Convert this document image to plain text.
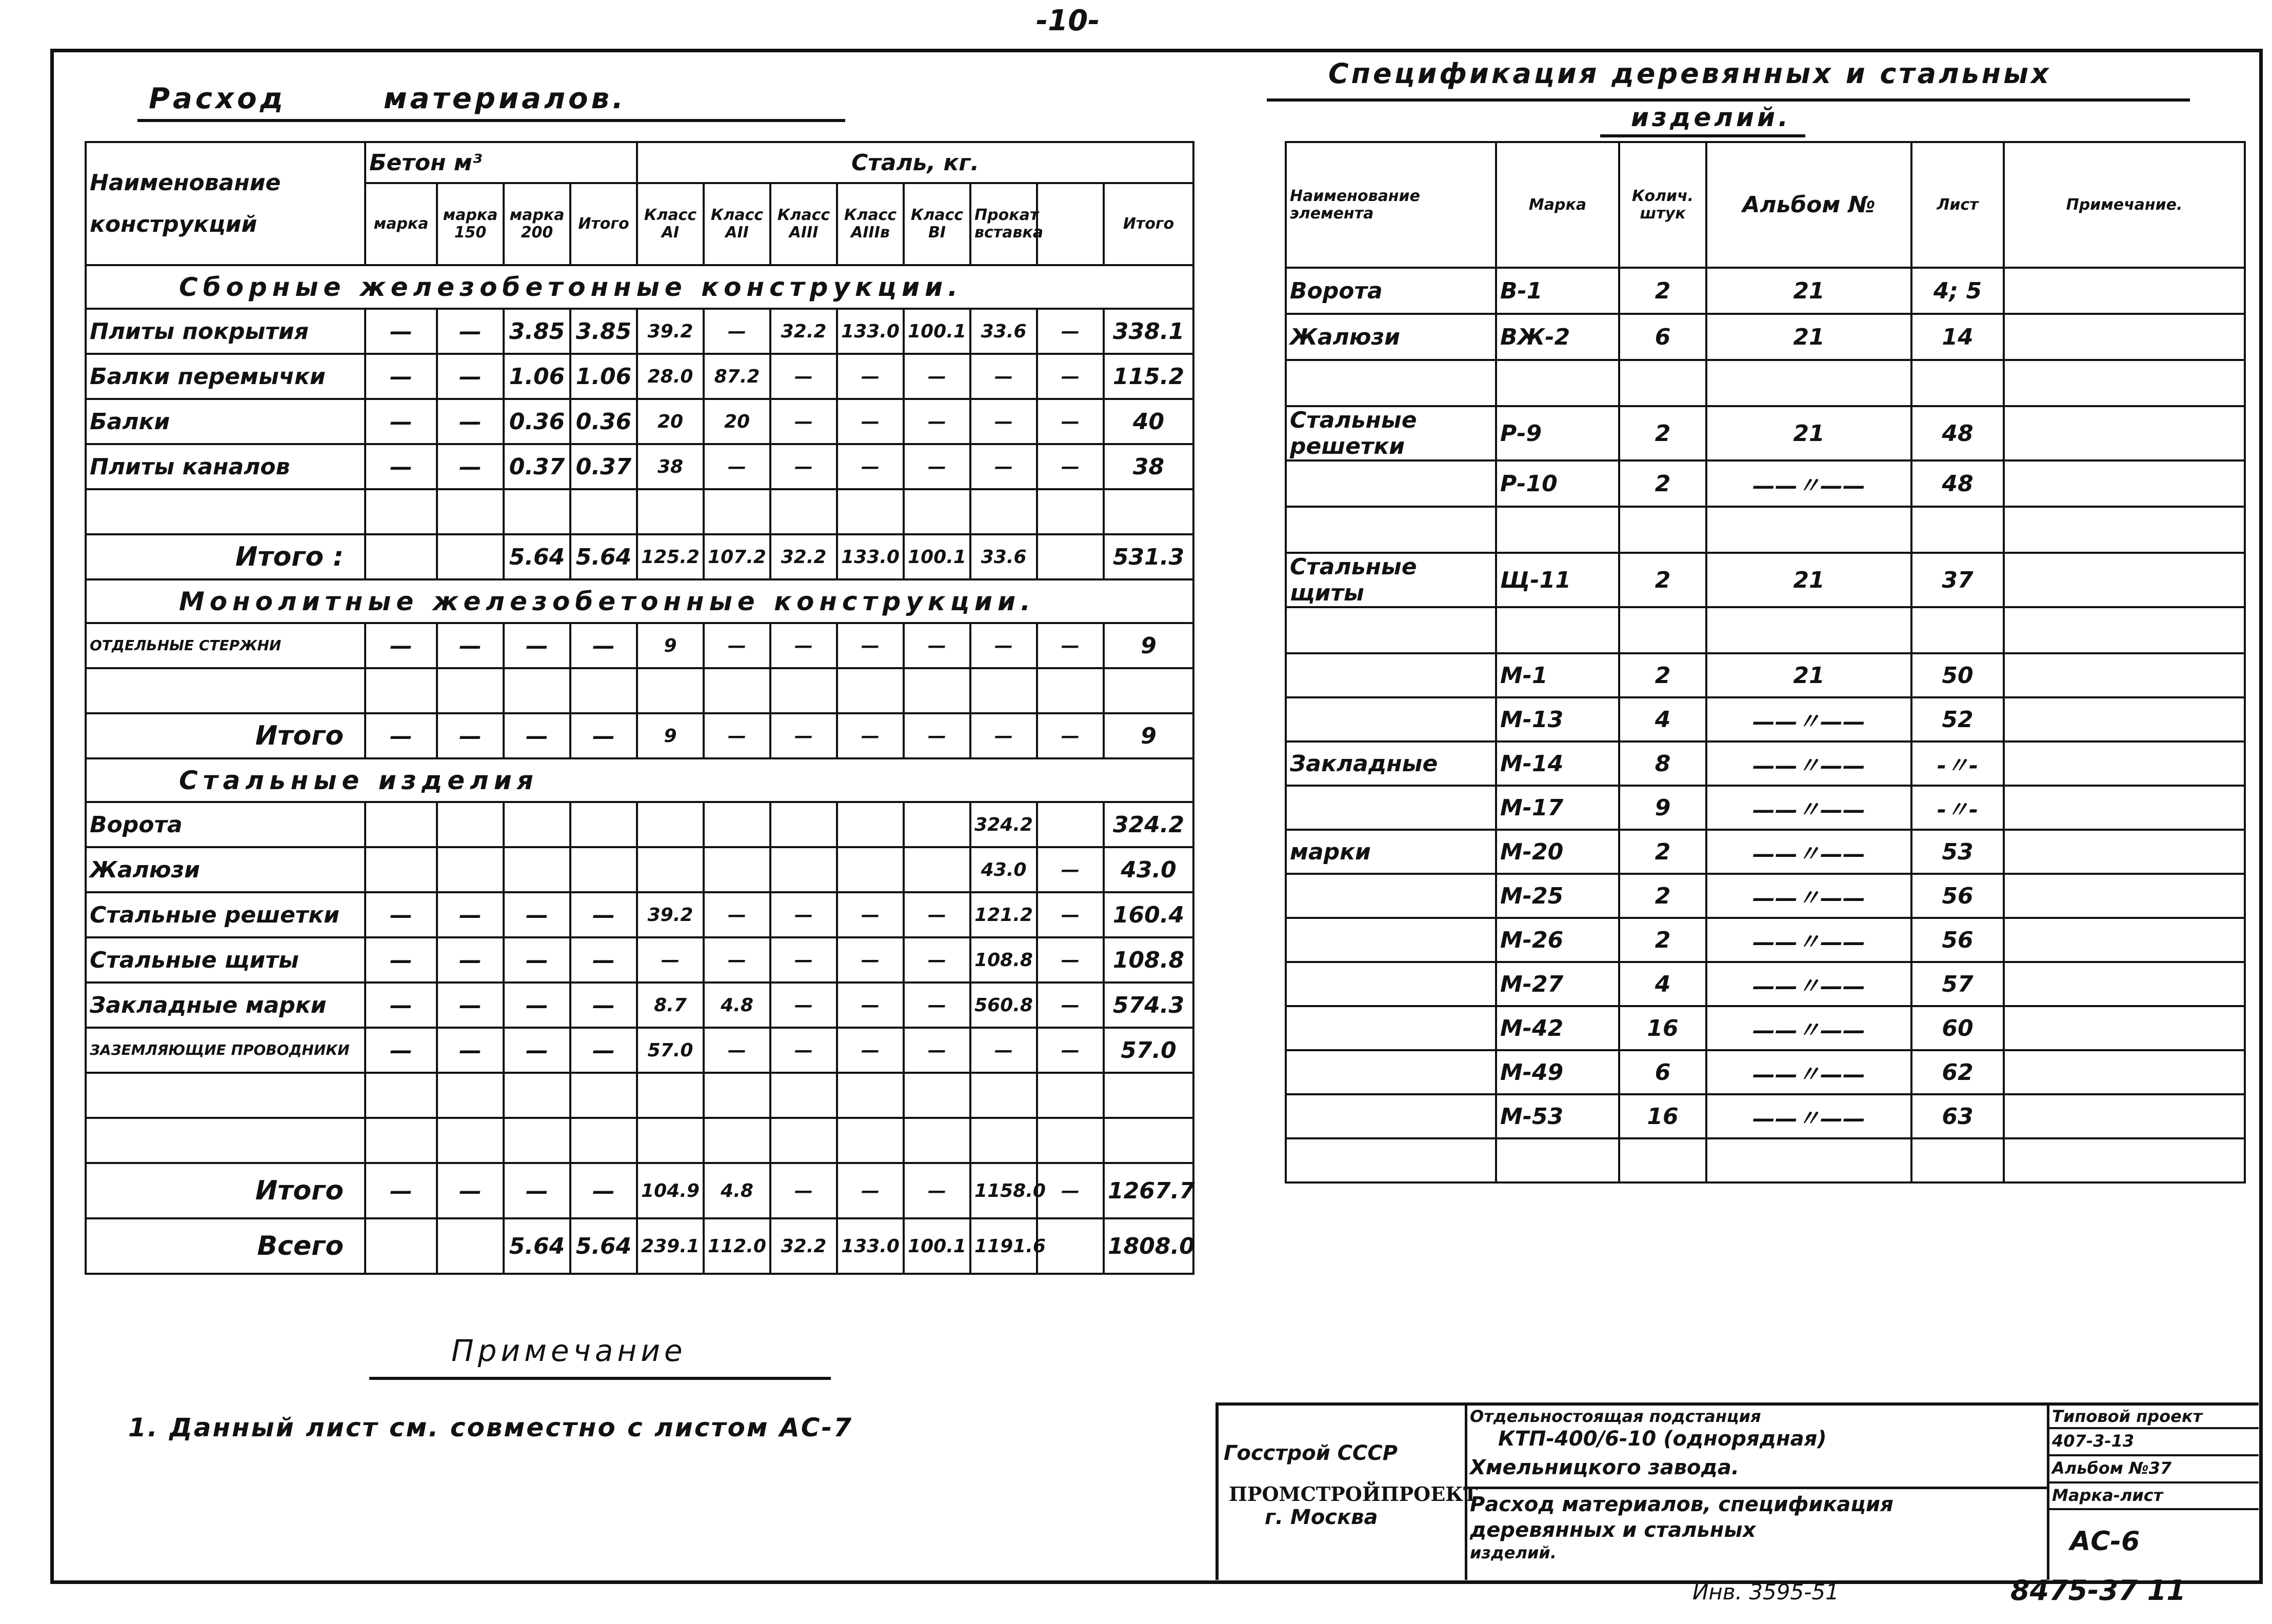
-10-
Расход	материалов.
Спецификация деревянных и стальных
изделий.
Наименование
конструкций	Бетон м³				Сталь, кг.							
	марка	марка 150	марка 200	Итого	Класс АI	Класс АII	Класс АIII	Класс АIIIв	Класс ВI	Прокат вставка		Итого
Сборные железобетонные конструкции.												
Плиты покрытия	—	—	3.85	3.85	39.2	—	32.2	133.0	100.1	33.6	—	338.1
Балки перемычки	—	—	1.06	1.06	28.0	87.2	—	—	—	—	—	115.2
Балки	—	—	0.36	0.36	20	20	—	—	—	—	—	40
Плиты каналов	—	—	0.37	0.37	38	—	—	—	—	—	—	38

Итого :			5.64	5.64	125.2	107.2	32.2	133.0	100.1	33.6		531.3
Монолитные железобетонные конструкции.												
ОТДЕЛЬНЫЕ СТЕРЖНИ	—	—	—	—	9	—	—	—	—	—	—	9

Итого	—	—	—	—	9	—	—	—	—	—	—	9
Стальные изделия												
Ворота										324.2		324.2
Жалюзи										43.0	—	43.0
Стальные решетки	—	—	—	—	39.2	—	—	—	—	121.2	—	160.4
Стальные щиты	—	—	—	—	—	—	—	—	—	108.8	—	108.8
Закладные марки	—	—	—	—	8.7	4.8	—	—	—	560.8	—	574.3
ЗАЗЕМЛЯЮЩИЕ ПРОВОДНИКИ	—	—	—	—	57.0	—	—	—	—	—	—	57.0

Итого	—	—	—	—	104.9	4.8	—	—	—	1158.0	—	1267.7
Всего			5.64	5.64	239.1	112.0	32.2	133.0	100.1	1191.6		1808.0
Наименование элемента	Марка	Колич. штук	Альбом №	Лист	Примечание.
Ворота	В-1	2	21	4; 5	
Жалюзи	ВЖ-2	6	21	14	

Стальные решетки	Р-9	2	21	48	
	Р-10	2	——〃——	48	

Стальные щиты	Щ-11	2	21	37	

	М-1	2	21	50	
	М-13	4	——〃——	52	
Закладные	М-14	8	——〃——	-〃-	
	М-17	9	——〃——	-〃-	
марки	М-20	2	——〃——	53	
	М-25	2	——〃——	56	
	М-26	2	——〃——	56	
	М-27	4	——〃——	57	
	М-42	16	——〃——	60	
	М-49	6	——〃——	62	
	М-53	16	——〃——	63	

Примечание
1. Данный лист см. совместно с листом АС-7
Госстрой СССР
ПРОМСТРОЙПРОЕКТ
г. Москва
Отдельностоящая подстанция
КТП-400/6-10 (однорядная)
Хмельницкого завода.
Расход материалов, спецификация
деревянных и стальных
изделий.
Типовой проект
407-3-13
Альбом №37
Марка-лист
АС-6
Инв. 3595-51	8475-37 11
